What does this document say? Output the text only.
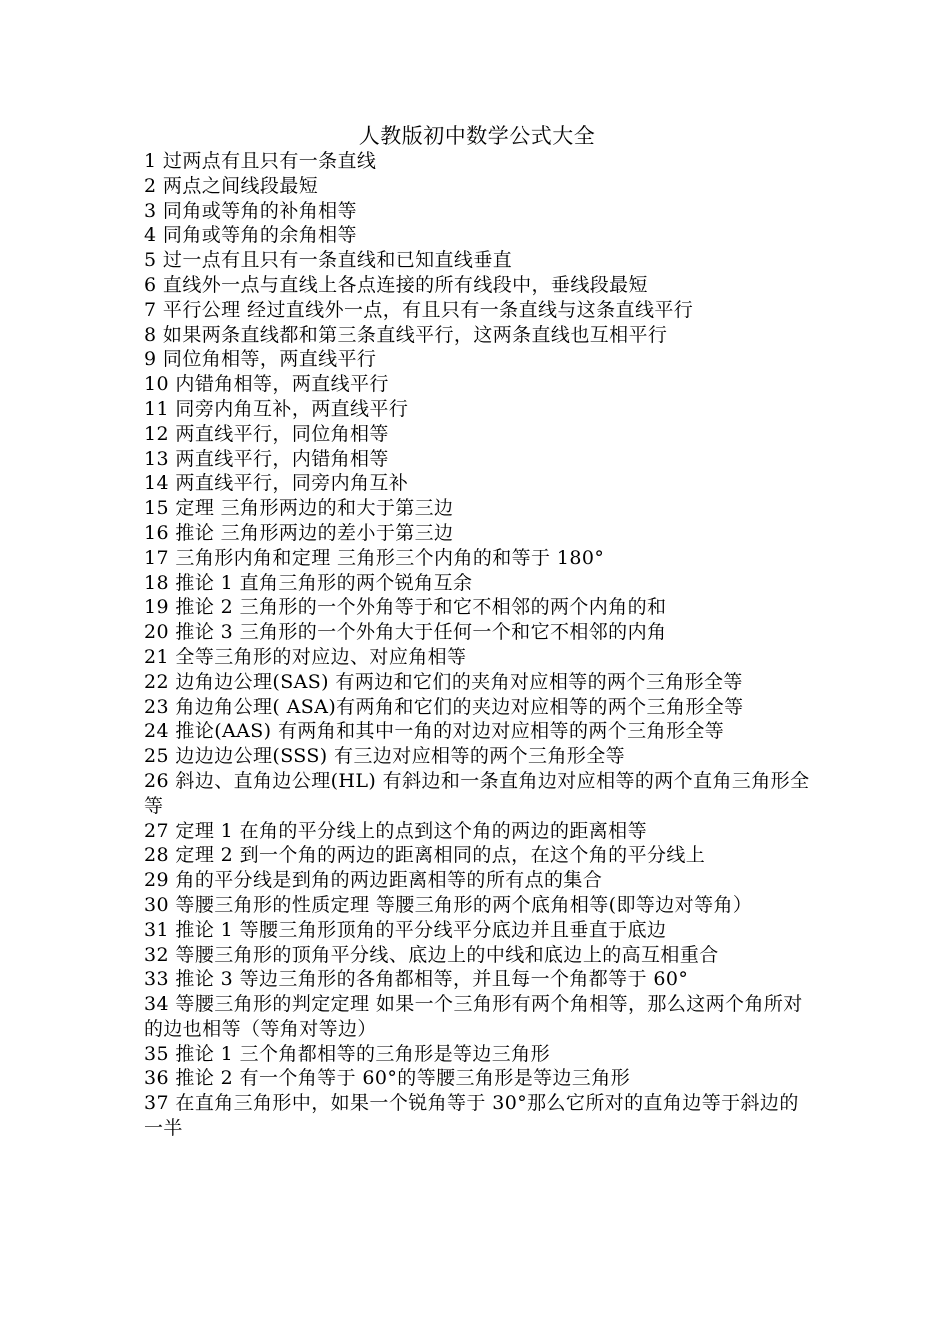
人教版初中数学公式大全
1 过两点有且只有一条直线
2 两点之间线段最短
3 同角或等角的补角相等
4 同角或等角的余角相等
5 过一点有且只有一条直线和已知直线垂直
6 直线外一点与直线上各点连接的所有线段中，垂线段最短
7 平行公理 经过直线外一点，有且只有一条直线与这条直线平行
8 如果两条直线都和第三条直线平行，这两条直线也互相平行
9 同位角相等，两直线平行
10 内错角相等，两直线平行
11 同旁内角互补，两直线平行
12 两直线平行，同位角相等
13 两直线平行，内错角相等
14 两直线平行，同旁内角互补
15 定理 三角形两边的和大于第三边
16 推论 三角形两边的差小于第三边
17 三角形内角和定理 三角形三个内角的和等于 180°
18 推论 1 直角三角形的两个锐角互余
19 推论 2 三角形的一个外角等于和它不相邻的两个内角的和
20 推论 3 三角形的一个外角大于任何一个和它不相邻的内角
21 全等三角形的对应边、对应角相等
22 边角边公理(SAS) 有两边和它们的夹角对应相等的两个三角形全等
23 角边角公理( ASA)有两角和它们的夹边对应相等的两个三角形全等
24 推论(AAS) 有两角和其中一角的对边对应相等的两个三角形全等
25 边边边公理(SSS) 有三边对应相等的两个三角形全等
26 斜边、直角边公理(HL) 有斜边和一条直角边对应相等的两个直角三角形全等
27 定理 1 在角的平分线上的点到这个角的两边的距离相等
28 定理 2 到一个角的两边的距离相同的点，在这个角的平分线上
29 角的平分线是到角的两边距离相等的所有点的集合
30 等腰三角形的性质定理 等腰三角形的两个底角相等(即等边对等角）
31 推论 1 等腰三角形顶角的平分线平分底边并且垂直于底边
32 等腰三角形的顶角平分线、底边上的中线和底边上的高互相重合
33 推论 3 等边三角形的各角都相等，并且每一个角都等于 60°
34 等腰三角形的判定定理 如果一个三角形有两个角相等，那么这两个角所对的边也相等（等角对等边）
35 推论 1 三个角都相等的三角形是等边三角形
36 推论 2 有一个角等于 60°的等腰三角形是等边三角形
37 在直角三角形中，如果一个锐角等于 30°那么它所对的直角边等于斜边的一半
